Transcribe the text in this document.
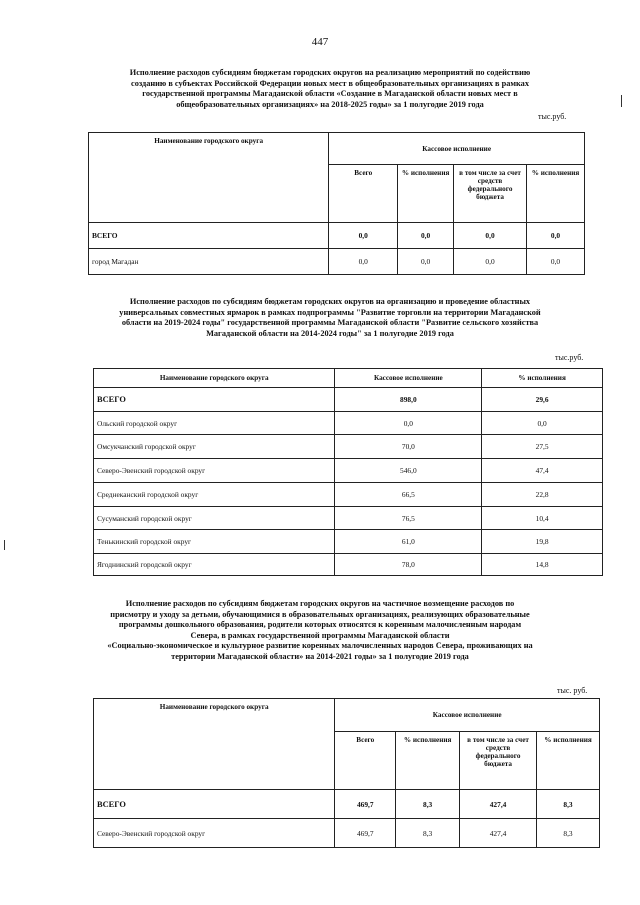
447
Исполнение расходов субсидиям бюджетам городских округов на реализацию мероприятий по содействию
созданию в субъектах Российской Федерации новых мест в общеобразовательных организациях в рамках
государственной программы Магаданской области «Создание в Магаданской области новых мест в
общеобразовательных организациях» на 2018-2025 годы» за 1 полугодие 2019 года
тыс.руб.
Наименование городского округа	Кассовое исполнение			
	Всего	% исполнения	в том числе за счет средств федерального бюджета	% исполнения
ВСЕГО	0,0	0,0	0,0	0,0
город Магадан	0,0	0,0	0,0	0,0
Исполнение расходов по субсидиям бюджетам городских округов на организацию и проведение областных
универсальных совместных ярмарок в рамках подпрограммы "Развитие торговли на территории Магаданской
области на 2019-2024 годы" государственной программы Магаданской области "Развитие сельского хозяйства
Магаданской области на 2014-2024 годы" за 1 полугодие 2019 года
тыс.руб.
Наименование городского округа	Кассовое исполнение	% исполнения
ВСЕГО	898,0	29,6
Ольский городской округ	0,0	0,0
Омсукчанский городской округ	70,0	27,5
Северо-Эвенский городской округ	546,0	47,4
Среднеканский городской округ	66,5	22,8
Сусуманский городской округ	76,5	10,4
Тенькинский городской округ	61,0	19,8
Ягоднинский городской округ	78,0	14,8
Исполнение расходов по субсидиям бюджетам городских округов на частичное возмещение расходов по
присмотру и уходу за детьми, обучающимися в образовательных организациях, реализующих образовательные
программы дошкольного образования, родители которых относятся к коренным малочисленным народам
Севера, в рамках государственной программы Магаданской области
«Социально-экономическое и культурное развитие коренных малочисленных народов Севера, проживающих на
территории Магаданской области» на 2014-2021 годы» за 1 полугодие 2019 года
тыс. руб.
Наименование городского округа	Кассовое исполнение			
	Всего	% исполнения	в том числе за счет средств федерального бюджета	% исполнения
ВСЕГО	469,7	8,3	427,4	8,3
Северо-Эвенский городской округ	469,7	8,3	427,4	8,3
